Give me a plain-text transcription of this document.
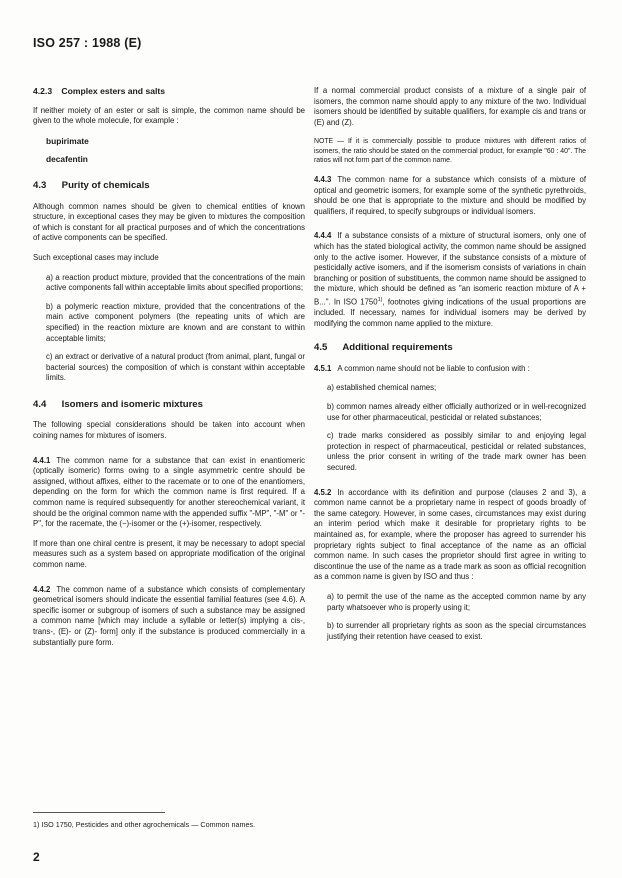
ISO 257 : 1988 (E)
4.2.3 Complex esters and salts

If neither moiety of an ester or salt is simple, the common name should be given to the whole molecule, for example :

bupirimate
decafentin
4.3 Purity of chemicals

Although common names should be given to chemical entities of known structure, in exceptional cases they may be given to mixtures the composition of which is constant for all practical purposes and of which the concentrations of active components can be specified.

Such exceptional cases may include

a) a reaction product mixture, provided that the concentrations of the main active components fall within acceptable limits about specified proportions;
b) a polymeric reaction mixture, provided that the concentrations of the main active component polymers (the repeating units of which are specified) in the reaction mixture are known and are constant to within acceptable limits;
c) an extract or derivative of a natural product (from animal, plant, fungal or bacterial sources) the composition of which is constant within acceptable limits.
4.4 Isomers and isomeric mixtures

The following special considerations should be taken into account when coining names for mixtures of isomers.

4.4.1 The common name for a substance that can exist in enantiomeric (optically isomeric) forms owing to a single asymmetric centre should be assigned, without affixes, either to the racemate or to one of the enantiomers, depending on the form for which the common name is first required. If a common name is required subsequently for another stereochemical variant, it should be the original common name with the appended suffix "-MP", "-M" or "-P", for the racemate, the (−)-isomer or the (+)-isomer, respectively.

If more than one chiral centre is present, it may be necessary to adopt special measures such as a system based on appropriate modification of the original common name.

4.4.2 The common name of a substance which consists of complementary geometrical isomers should indicate the essential familial features (see 4.6). A specific isomer or subgroup of isomers of such a substance may be assigned a common name [which may include a syllable or letter(s) implying a cis-, trans-, (E)- or (Z)- form] only if the substance is produced commercially in a substantially pure form.

If a normal commercial product consists of a mixture of a single pair of isomers, the common name should apply to any mixture of the two. Individual isomers should be identified by suitable qualifiers, for example cis and trans or (E) and (Z).

NOTE — If it is commercially possible to produce mixtures with different ratios of isomers, the ratio should be stated on the commercial product, for example "60 : 40". The ratios will not form part of the common name.

4.4.3 The common name for a substance which consists of a mixture of optical and geometric isomers, for example some of the synthetic pyrethroids, should be one that is appropriate to the mixture and should be modified by qualifiers, if required, to specify subgroups or individual isomers.

4.4.4 If a substance consists of a mixture of structural isomers, only one of which has the stated biological activity, the common name should be assigned only to the active isomer. However, if the substance consists of a mixture of pesticidally active isomers, and if the isomerism consists of variations in chain branching or position of substituents, the common name should be assigned to the mixture, which should be defined as "an isomeric reaction mixture of A + B...". In ISO 1750$^{1)}$, footnotes giving indications of the usual proportions are included. If necessary, names for individual isomers may be derived by modifying the common name applied to the mixture.

4.5 Additional requirements

4.5.1 A common name should not be liable to confusion with :

a) established chemical names;
b) common names already either officially authorized or in well-recognized use for other pharmaceutical, pesticidal or related substances;
c) trade marks considered as possibly similar to and enjoying legal protection in respect of pharmaceutical, pesticidal or related substances, unless the prior consent in writing of the trade mark owner has been secured.

4.5.2 In accordance with its definition and purpose (clauses 2 and 3), a common name cannot be a proprietary name in respect of goods broadly of the same category. However, in some cases, circumstances may exist during an interim period which make it desirable for proprietary rights to be maintained as, for example, where the proposer has agreed to surrender his proprietary rights subject to final acceptance of the name as an official common name. In such cases the proprietor should first agree in writing to discontinue the use of the name as a trade mark as soon as official recognition as a common name is given by ISO and thus :

a) to permit the use of the name as the accepted common name by any party whatsoever who is properly using it;
b) to surrender all proprietary rights as soon as the special circumstances justifying their retention have ceased to exist.
1) ISO 1750, Pesticides and other agrochemicals — Common names.
2
